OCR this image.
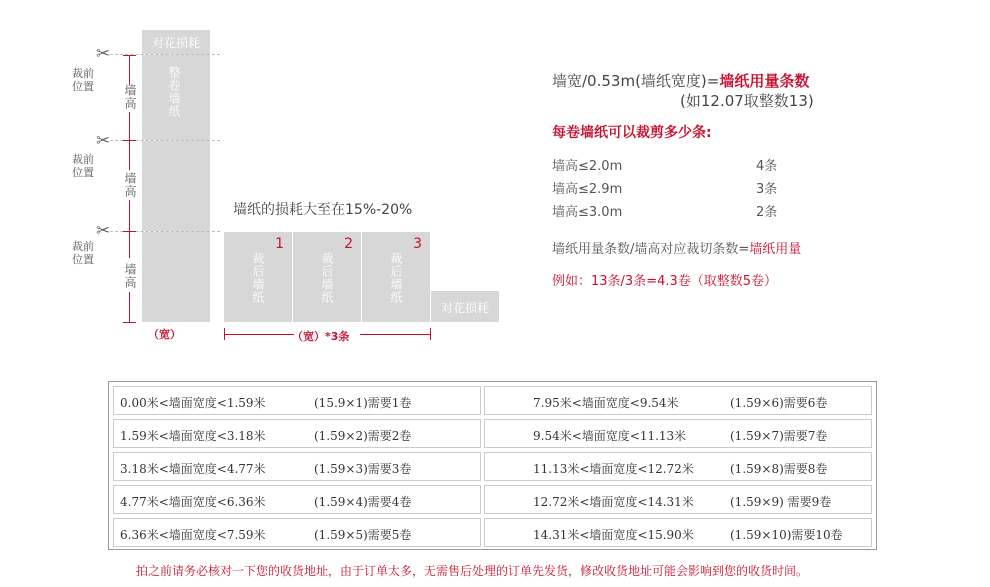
对花损耗
整卷墙纸
✂
裁前位置
✂
裁前位置
✂
裁前位置
墙高
墙高
墙高
（宽）
墙纸的损耗大至在15%-20%
1
裁后墙纸
2
裁后墙纸
3
裁后墙纸
对花损耗
（宽）*3条
墙宽/0.53m(墙纸宽度)=墙纸用量条数
(如12.07取整数13)
每卷墙纸可以裁剪多少条:
墙高≤2.0m	4条
墙高≤2.9m	3条
墙高≤3.0m	2条
墙纸用量条数/墙高对应裁切条数=墙纸用量
例如：13条/3条=4.3卷（取整数5卷）
0.00米<墙面宽度<1.59米	(15.9×1)需要1卷
1.59米<墙面宽度<3.18米	(1.59×2)需要2卷
3.18米<墙面宽度<4.77米	(1.59×3)需要3卷
4.77米<墙面宽度<6.36米	(1.59×4)需要4卷
6.36米<墙面宽度<7.59米	(1.59×5)需要5卷
7.95米<墙面宽度<9.54米	(1.59×6)需要6卷
9.54米<墙面宽度<11.13米	(1.59×7)需要7卷
11.13米<墙面宽度<12.72米	(1.59×8)需要8卷
12.72米<墙面宽度<14.31米	(1.59×9) 需要9卷
14.31米<墙面宽度<15.90米	(1.59×10)需要10卷
拍之前请务必核对一下您的收货地址，由于订单太多，无需售后处理的订单先发货，修改收货地址可能会影响到您的收货时间。
